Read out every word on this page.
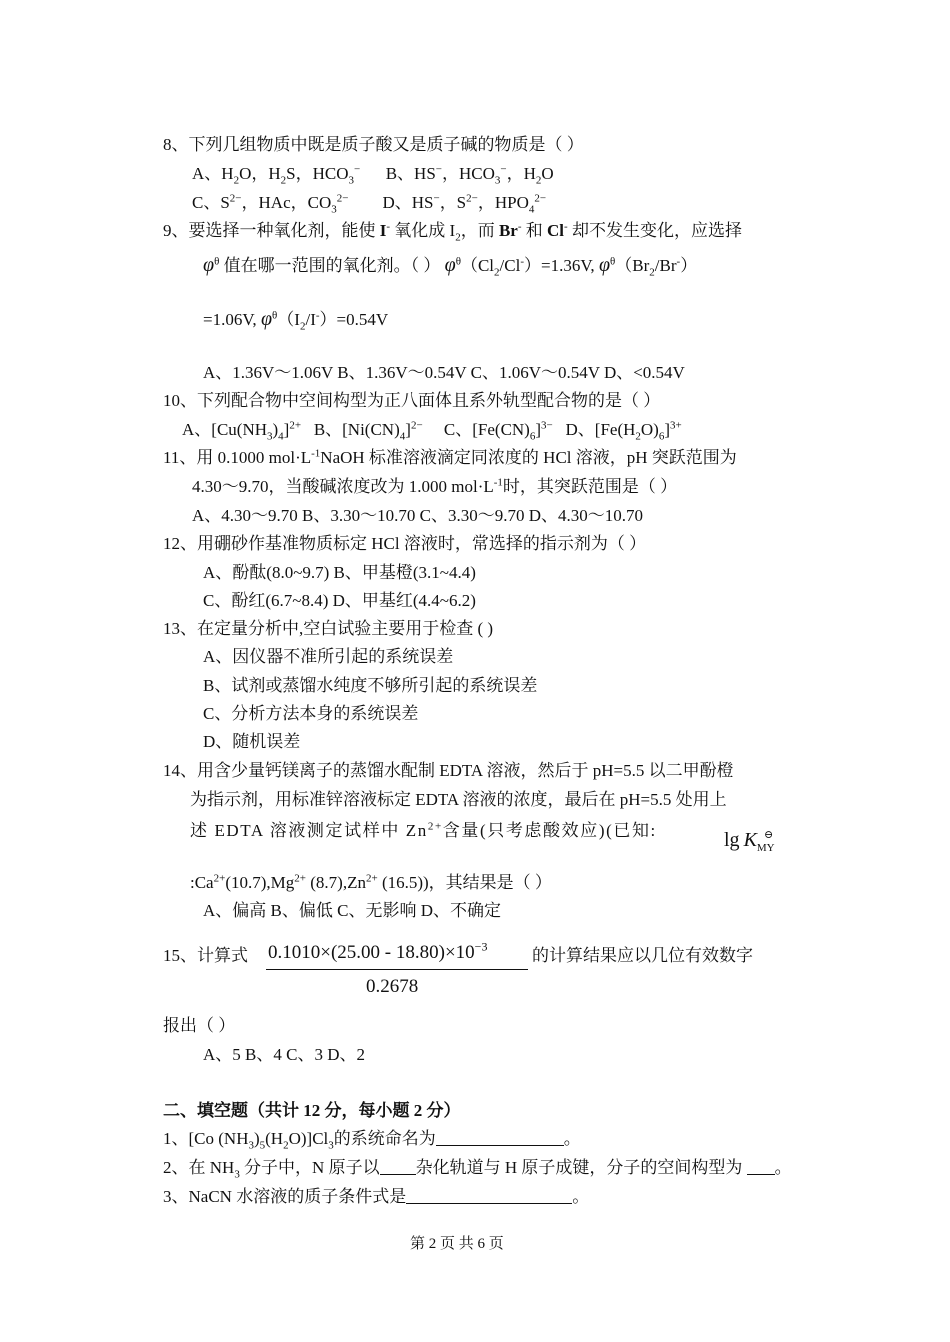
8、下列几组物质中既是质子酸又是质子碱的物质是（ ）
A、$H_2O$，$H_2S$，$HCO_3^-$ B、HS−，$HCO_3^-$，$H_2O$
C、$S^{2-}$，HAc，$CO_3^{2-}$ D、HS−，$S^{2-}$，$HPO_4^{2-}$
9、要选择一种氧化剂，能使 I- 氧化成 $I_2$，而 Br- 和 Cl- 却不发生变化，应选择
$\varphi^\theta$ 值在哪一范围的氧化剂。（ ） $\varphi^\theta(Cl_2/Cl^-)=1.36V$, $\varphi^\theta(Br_2/Br^-)$
=1.06V, $\varphi^\theta(I_2/I^-)=0.54V$
A、1.36V～1.06V B、1.36V～0.54V C、1.06V～0.54V D、<0.54V
10、下列配合物中空间构型为正八面体且系外轨型配合物的是（ ）
A、$[Cu(NH_3)_4]^{2+}$ B、$[Ni(CN)_4]^{2-}$ C、$[Fe(CN)_6]^{3-}$ D、$[Fe(H_2O)_6]^{3+}$
11、用 0.1000 $mol\cdot L^{-1}NaOH$ 标准溶液滴定同浓度的 HCl 溶液，pH 突跃范围为
4.30～9.70，当酸碱浓度改为 1.000 $mol\cdot L^{-1}$时，其突跃范围是（ ）
A、4.30～9.70 B、3.30～10.70 C、3.30～9.70 D、4.30～10.70
12、用硼砂作基准物质标定 HCl 溶液时，常选择的指示剂为（ ）
A、酚酞(8.0~9.7) B、甲基橙(3.1~4.4)
C、酚红(6.7~8.4) D、甲基红(4.4~6.2)
13、在定量分析中,空白试验主要用于检查 ( )
A、因仪器不准所引起的系统误差
B、试剂或蒸馏水纯度不够所引起的系统误差
C、分析方法本身的系统误差
D、随机误差
14、用含少量钙镁离子的蒸馏水配制 EDTA 溶液，然后于 pH=5.5 以二甲酚橙
为指示剂，用标准锌溶液标定 EDTA 溶液的浓度，最后在 pH=5.5 处用上
述 EDTA 溶液测定试样中 $Zn^{2+}$含量(只考虑酸效应)(已知:	$\lg K_{MY}$
⊖
$:Ca^{2+}(10.7),Mg^{2+}$ $(8.7),Zn^{2+}$ (16.5))，其结果是（ ）
A、偏高 B、偏低 C、无影响 D、不确定
15、计算式 $0.1010\times(25.00 - 18.80)\times 10^{-3}$
0.2678
的计算结果应以几位有效数字
报出（ ）
A、5 B、4 C、3 D、2
二、填空题（共计 12 分，每小题 2 分）
1、[Co $(NH_3)_5(H_2O)]Cl_3$的系统命名为	。
2、在 $NH_3$ 分子中，N 原子以 杂化轨道与 H 原子成键，分子的空间构型为 。
3、NaCN 水溶液的质子条件式是	。
第 2 页 共 6 页
